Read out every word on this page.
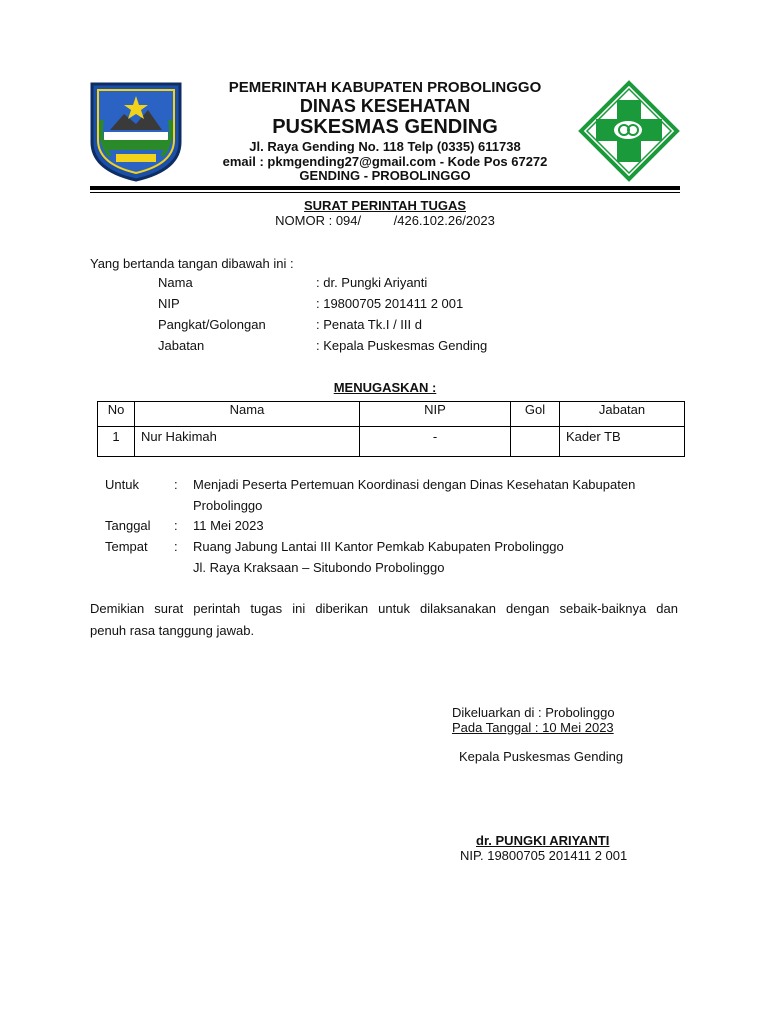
PEMERINTAH KABUPATEN PROBOLINGGO
DINAS KESEHATAN
PUSKESMAS GENDING
Jl. Raya Gending No. 118 Telp (0335) 611738
email : pkmgending27@gmail.com - Kode Pos 67272
GENDING - PROBOLINGGO
SURAT PERINTAH TUGAS
NOMOR : 094/         /426.102.26/2023
Yang bertanda tangan dibawah ini :
Nama	: dr. Pungki Ariyanti
NIP	: 19800705 201411 2 001
Pangkat/Golongan	: Penata Tk.I / III d
Jabatan	: Kepala Puskesmas Gending
MENUGASKAN :
No	Nama	NIP	Gol	Jabatan
1	Nur Hakimah	-		Kader TB
Untuk	: Menjadi Peserta Pertemuan Koordinasi dengan Dinas Kesehatan Kabupaten
Probolinggo
Tanggal : 11 Mei 2023
Tempat : Ruang Jabung Lantai III Kantor Pemkab Kabupaten Probolinggo
Jl. Raya Kraksaan – Situbondo Probolinggo
Demikian surat perintah tugas ini diberikan untuk dilaksanakan dengan sebaik-baiknya dan
penuh rasa tanggung jawab.
Dikeluarkan di : Probolinggo
Pada Tanggal : 10 Mei 2023
Kepala Puskesmas Gending
dr. PUNGKI ARIYANTI
NIP. 19800705 201411 2 001
